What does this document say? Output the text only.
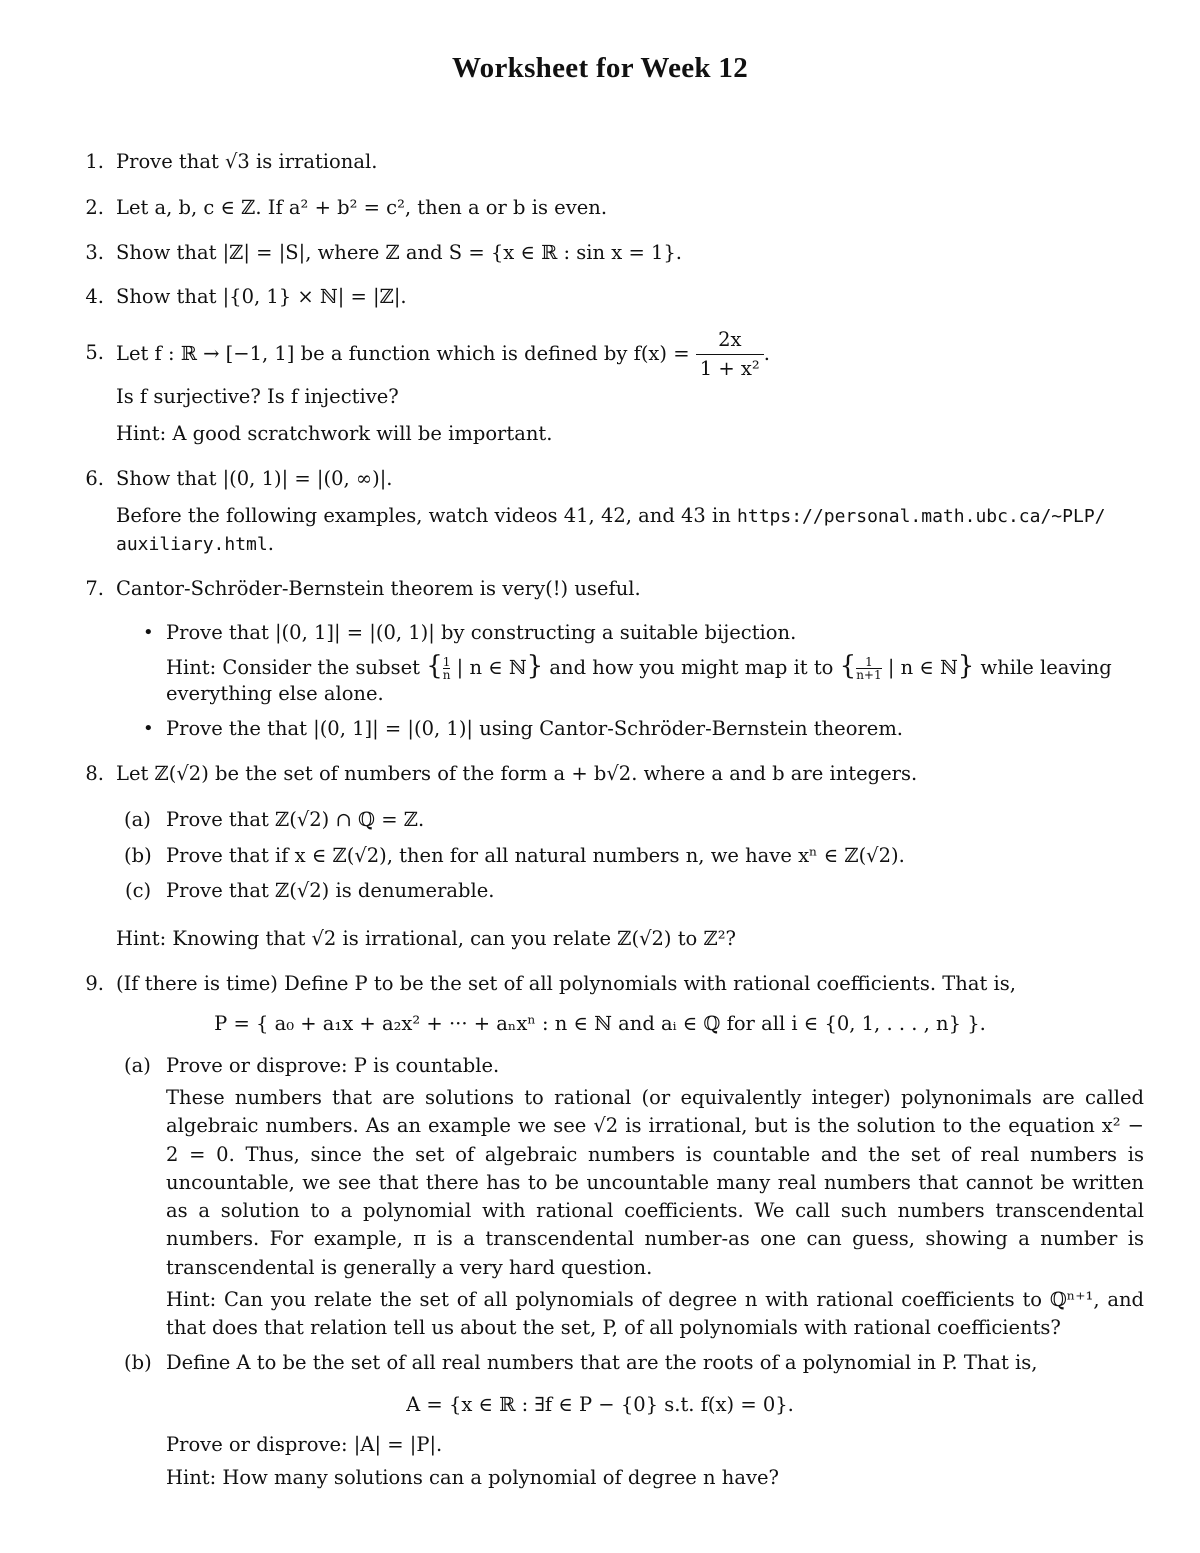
Worksheet for Week 12
1. Prove that √3 is irrational.
2. Let a, b, c ∈ ℤ. If a² + b² = c², then a or b is even.
3. Show that |ℤ| = |S|, where ℤ and S = {x ∈ ℝ : sin x = 1}.
4. Show that |{0, 1} × ℕ| = |ℤ|.
5. Let f : ℝ → [−1, 1] be a function which is defined by $f(x) = \frac{2x}{\text{1 + x²}}$ .
Is f surjective? Is f injective?
Hint: A good scratchwork will be important.
6. Show that |(0, 1)| = |(0, ∞)|.
Before the following examples, watch videos 41, 42, and 43 in https://personal.math.ubc.ca/~PLP/
auxiliary.html.
7. Cantor-Schröder-Bernstein theorem is very(!) useful.
• Prove that |(0, 1]| = |(0, 1)| by constructing a suitable bijection.
Hint: Consider the subset { $\frac{1}{n}$ | n ∈ ℕ} and how you might map it to { $\frac{1}{n+1}$ | n ∈ ℕ} while leaving
everything else alone.
• Prove the that |(0, 1]| = |(0, 1)| using Cantor-Schröder-Bernstein theorem.
8. Let ℤ(√2) be the set of numbers of the form a + b√2. where a and b are integers.
(a) Prove that ℤ(√2) ∩ ℚ = ℤ.
(b) Prove that if x ∈ ℤ(√2), then for all natural numbers n, we have xⁿ ∈ ℤ(√2).
(c) Prove that ℤ(√2) is denumerable.
Hint: Knowing that √2 is irrational, can you relate ℤ(√2) to ℤ²?
9. (If there is time) Define P to be the set of all polynomials with rational coefficients. That is,
P = { a₀ + a₁x + a₂x² + ··· + aₙxⁿ : n ∈ ℕ and aᵢ ∈ ℚ for all i ∈ {0, 1, . . . , n} }.
(a) Prove or disprove: P is countable.
These numbers that are solutions to rational (or equivalently integer) polynonimals are called algebraic numbers. As an example we see √2 is irrational, but is the solution to the equation x² − 2 = 0. Thus, since the set of algebraic numbers is countable and the set of real numbers is uncountable, we see that there has to be uncountable many real numbers that cannot be written as a solution to a polynomial with rational coefficients. We call such numbers transcendental numbers. For example, π is a transcendental number-as one can guess, showing a number is transcendental is generally a very hard question.
Hint: Can you relate the set of all polynomials of degree n with rational coefficients to ℚⁿ⁺¹, and that does that relation tell us about the set, P, of all polynomials with rational coefficients?
(b) Define A to be the set of all real numbers that are the roots of a polynomial in P. That is,
A = {x ∈ ℝ : ∃f ∈ P − {0} s.t. f(x) = 0}.
Prove or disprove: |A| = |P|.
Hint: How many solutions can a polynomial of degree n have?
